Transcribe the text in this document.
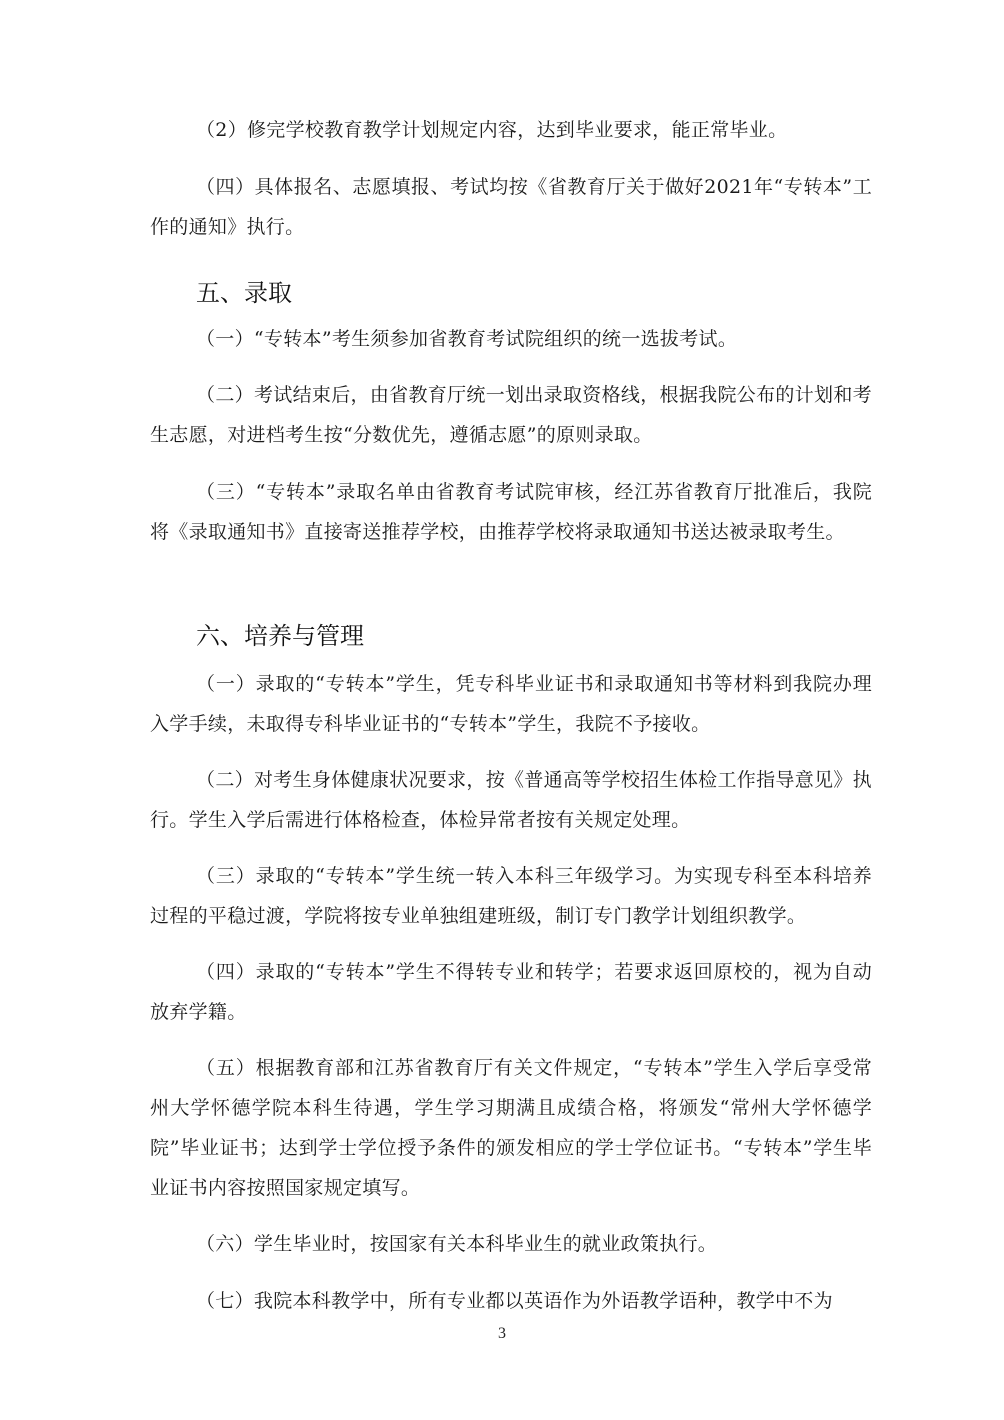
（2）修完学校教育教学计划规定内容，达到毕业要求，能正常毕业。

（四）具体报名、志愿填报、考试均按《省教育厅关于做好2021年“专转本”工作的通知》执行。

五、录取

（一）“专转本”考生须参加省教育考试院组织的统一选拔考试。

（二）考试结束后，由省教育厅统一划出录取资格线，根据我院公布的计划和考生志愿，对进档考生按“分数优先，遵循志愿”的原则录取。

（三）“专转本”录取名单由省教育考试院审核，经江苏省教育厅批准后，我院将《录取通知书》直接寄送推荐学校，由推荐学校将录取通知书送达被录取考生。

六、培养与管理

（一）录取的“专转本”学生，凭专科毕业证书和录取通知书等材料到我院办理入学手续，未取得专科毕业证书的“专转本”学生，我院不予接收。

（二）对考生身体健康状况要求，按《普通高等学校招生体检工作指导意见》执行。学生入学后需进行体格检查，体检异常者按有关规定处理。

（三）录取的“专转本”学生统一转入本科三年级学习。为实现专科至本科培养过程的平稳过渡，学院将按专业单独组建班级，制订专门教学计划组织教学。

（四）录取的“专转本”学生不得转专业和转学；若要求返回原校的，视为自动放弃学籍。

（五）根据教育部和江苏省教育厅有关文件规定，“专转本”学生入学后享受常州大学怀德学院本科生待遇，学生学习期满且成绩合格，将颁发“常州大学怀德学院”毕业证书；达到学士学位授予条件的颁发相应的学士学位证书。“专转本”学生毕业证书内容按照国家规定填写。

（六）学生毕业时，按国家有关本科毕业生的就业政策执行。

（七）我院本科教学中，所有专业都以英语作为外语教学语种，教学中不为

3
